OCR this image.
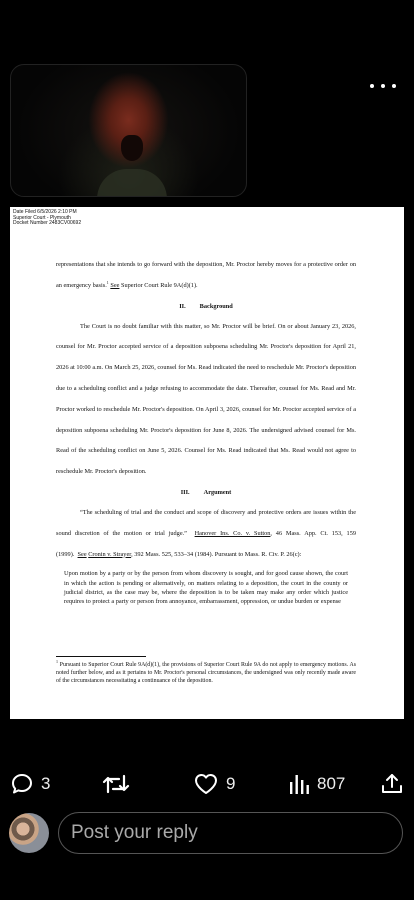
Date Filed 6/5/2026 2:10 PM
Superior Court - Plymouth
Docket Number 2483CV00692

representations that she intends to go forward with the deposition, Mr. Proctor hereby moves for a protective order on an emergency basis.$^1$ See Superior Court Rule 9A(d)(1).

II. Background

The Court is no doubt familiar with this matter, so Mr. Proctor will be brief. On or about January 23, 2026, counsel for Mr. Proctor accepted service of a deposition subpoena scheduling Mr. Proctor's deposition for April 21, 2026 at 10:00 a.m. On March 25, 2026, counsel for Ms. Read indicated the need to reschedule Mr. Proctor's deposition due to a scheduling conflict and a judge refusing to accommodate the date. Thereafter, counsel for Ms. Read and Mr. Proctor worked to reschedule Mr. Proctor's deposition. On April 3, 2026, counsel for Mr. Proctor accepted service of a deposition subpoena scheduling Mr. Proctor's deposition for June 8, 2026. The undersigned advised counsel for Ms. Read of the scheduling conflict on June 5, 2026. Counsel for Ms. Read indicated that Ms. Read would not agree to reschedule Mr. Proctor's deposition.

III. Argument

“The scheduling of trial and the conduct and scope of discovery and protective orders are issues within the sound discretion of the motion or trial judge.” Hanover Ins. Co. v. Sutton, 46 Mass. App. Ct. 153, 159 (1999). See Cronin v. Strayer, 392 Mass. 525, 533–34 (1984). Pursuant to Mass. R. Civ. P. 26(c):

Upon motion by a party or by the person from whom discovery is sought, and for good cause shown, the court in which the action is pending or alternatively, on matters relating to a deposition, the court in the county or judicial district, as the case may be, where the deposition is to be taken may make any order which justice requires to protect a party or person from annoyance, embarrassment, oppression, or undue burden or expense

$^1$ Pursuant to Superior Court Rule 9A(d)(1), the provisions of Superior Court Rule 9A do not apply to emergency motions. As noted further below, and as it pertains to Mr. Proctor's personal circumstances, the undersigned was only recently made aware of the circumstances necessitating a continuance of the deposition.

3	9	807
Post your reply
